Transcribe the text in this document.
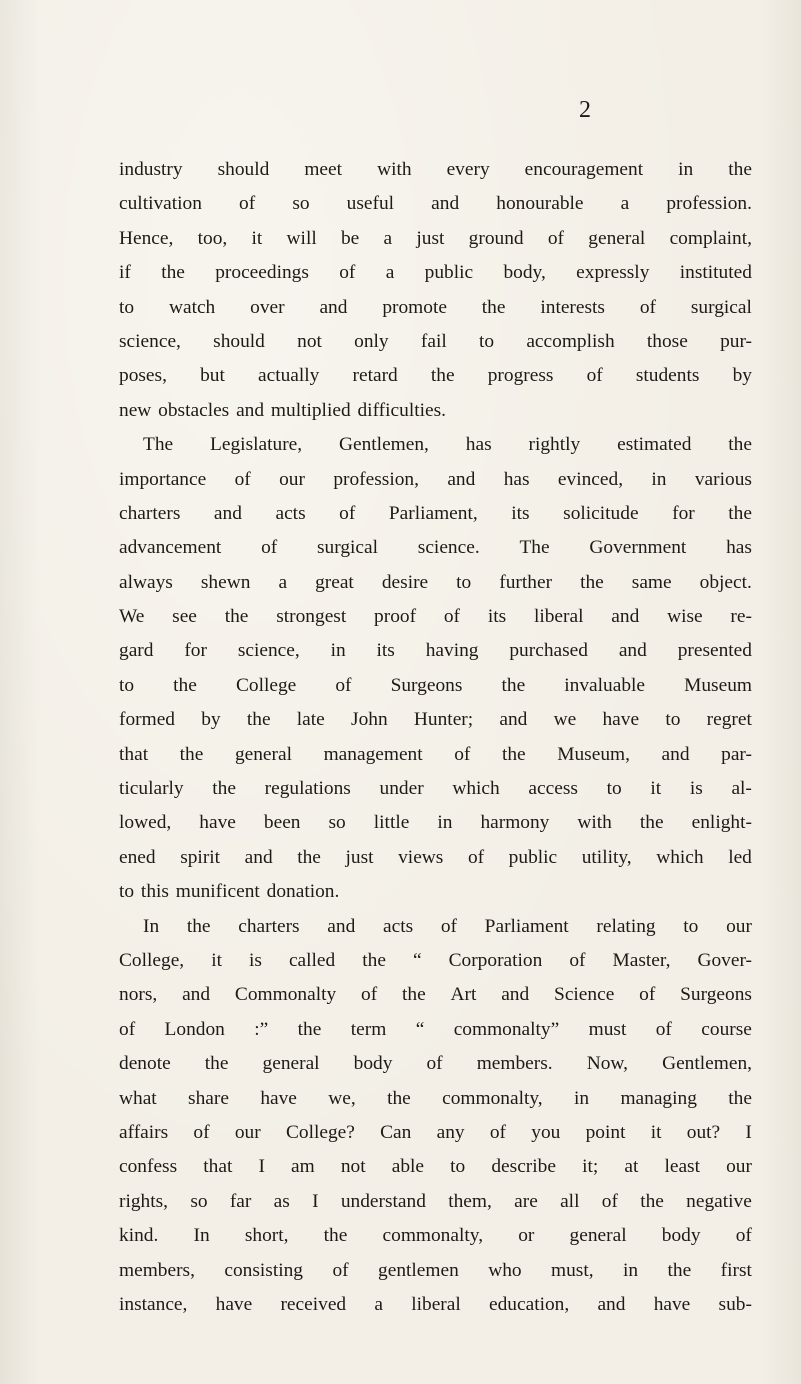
2
industry should meet with every encouragement in the
cultivation of so useful and honourable a profession.
Hence, too, it will be a just ground of general complaint,
if the proceedings of a public body, expressly instituted
to watch over and promote the interests of surgical
science, should not only fail to accomplish those pur-
poses, but actually retard the progress of students by
new obstacles and multiplied difficulties.
The Legislature, Gentlemen, has rightly estimated the
importance of our profession, and has evinced, in various
charters and acts of Parliament, its solicitude for the
advancement of surgical science. The Government has
always shewn a great desire to further the same object.
We see the strongest proof of its liberal and wise re-
gard for science, in its having purchased and presented
to the College of Surgeons the invaluable Museum
formed by the late John Hunter; and we have to regret
that the general management of the Museum, and par-
ticularly the regulations under which access to it is al-
lowed, have been so little in harmony with the enlight-
ened spirit and the just views of public utility, which led
to this munificent donation.
In the charters and acts of Parliament relating to our
College, it is called the “ Corporation of Master, Gover-
nors, and Commonalty of the Art and Science of Surgeons
of London :” the term “ commonalty” must of course
denote the general body of members. Now, Gentlemen,
what share have we, the commonalty, in managing the
affairs of our College? Can any of you point it out? I
confess that I am not able to describe it; at least our
rights, so far as I understand them, are all of the negative
kind. In short, the commonalty, or general body of
members, consisting of gentlemen who must, in the first
instance, have received a liberal education, and have sub-
